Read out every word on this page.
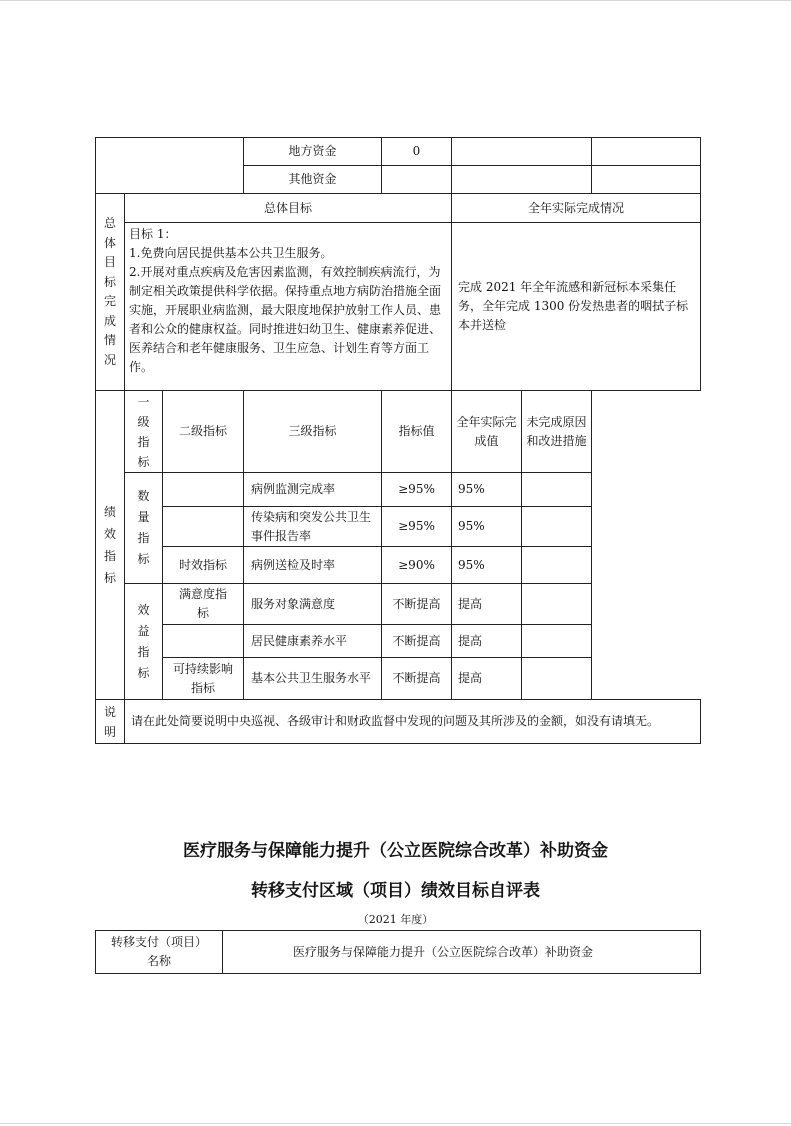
			地方资金	0			
			其他资金				

总体目标完成情况	总体目标				全年实际完成情况		

	目标 1：

1.免费向居民提供基本公共卫生服务。

2.开展对重点疾病及危害因素监测，有效控制疾病流行，为制定相关政策提供科学依据。保持重点地方病防治措施全面实施，开展职业病监测，最大限度地保护放射工作人员、患者和公众的健康权益。同时推进妇幼卫生、健康素养促进、医养结合和老年健康服务、卫生应急、计划生育等方面工作。				完成 2021 年全年流感和新冠标本采集任务，全年完成 1300 份发热患者的咽拭子标本并送检		

绩效指标	一级指标	二级指标	三级指标	指标值	全年实际完成值	未完成原因和改进措施	

	数量指标		病例监测完成率	≥95%	95%		
			传染病和突发公共卫生事件报告率	≥95%	95%		
		时效指标	病例送检及时率	≥90%	95%		

	效益指标	满意度指标	服务对象满意度	不断提高	提高		
			居民健康素养水平	不断提高	提高		
		可持续影响指标	基本公共卫生服务水平	不断提高	提高		

说明	请在此处简要说明中央巡视、各级审计和财政监督中发现的问题及其所涉及的金额，如没有请填无。						
医疗服务与保障能力提升（公立医院综合改革）补助资金
转移支付区域（项目）绩效目标自评表
（2021 年度）
转移支付（项目）名称	医疗服务与保障能力提升（公立医院综合改革）补助资金
